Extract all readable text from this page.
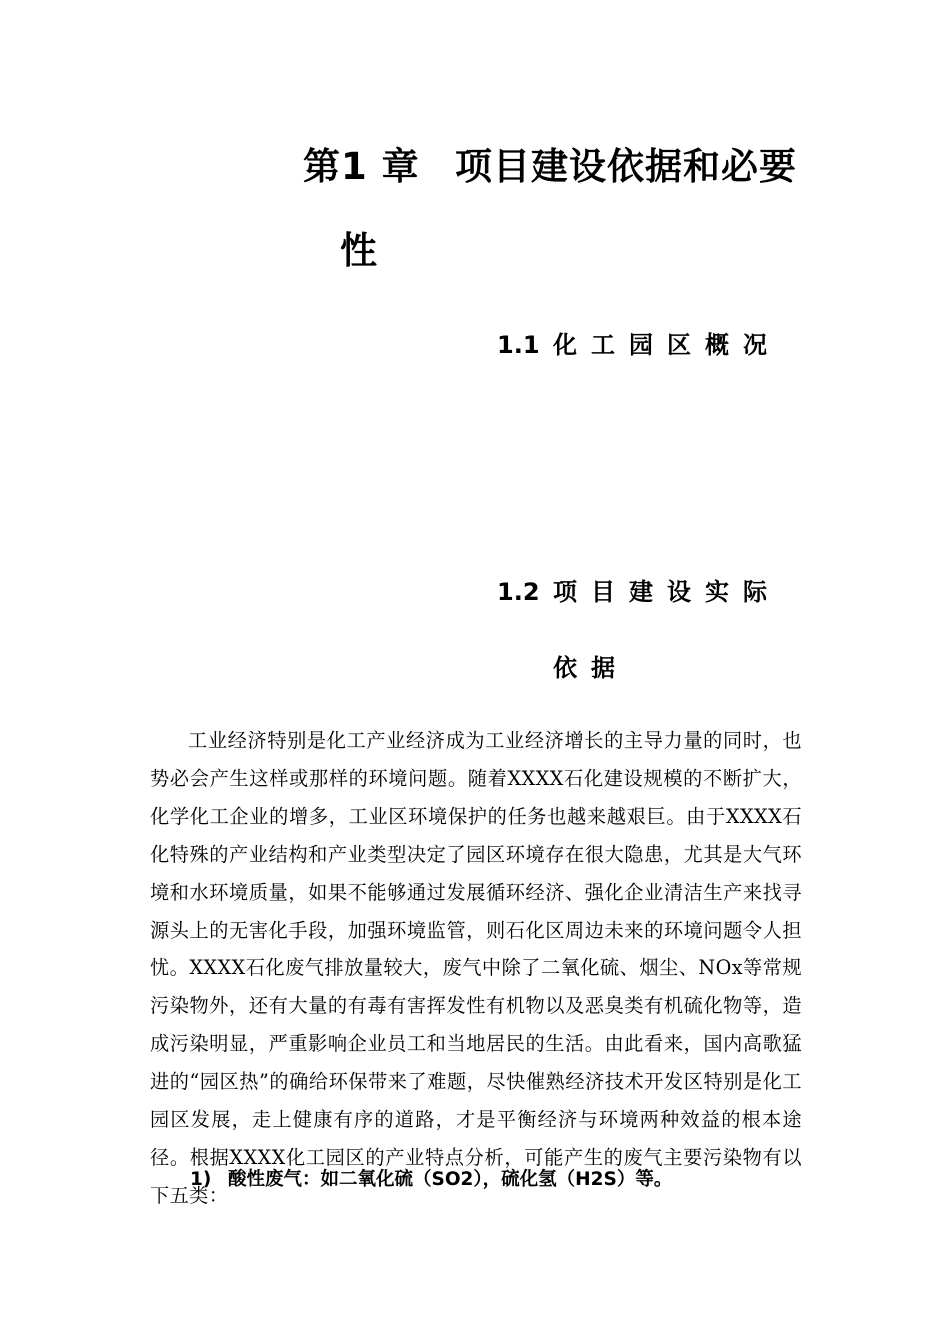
第1 章 项目建设依据和必要
性
1.1 化工园区概况
1.2 项目建设实际
依据

工业经济特别是化工产业经济成为工业经济增长的主导力量的同时，也势必会产生这样或那样的环境问题。随着XXXX石化建设规模的不断扩大，化学化工企业的增多，工业区环境保护的任务也越来越艰巨。由于XXXX石化特殊的产业结构和产业类型决定了园区环境存在很大隐患，尤其是大气环境和水环境质量，如果不能够通过发展循环经济、强化企业清洁生产来找寻源头上的无害化手段，加强环境监管，则石化区周边未来的环境问题令人担忧。XXXX石化废气排放量较大，废气中除了二氧化硫、烟尘、NOx等常规污染物外，还有大量的有毒有害挥发性有机物以及恶臭类有机硫化物等，造成污染明显，严重影响企业员工和当地居民的生活。由此看来，国内高歌猛进的“园区热”的确给环保带来了难题，尽快催熟经济技术开发区特别是化工园区发展，走上健康有序的道路，才是平衡经济与环境两种效益的根本途径。根据XXXX化工园区的产业特点分析，可能产生的废气主要污染物有以下五类：

1) 酸性废气：如二氧化硫（SO2），硫化氢（H2S）等。
